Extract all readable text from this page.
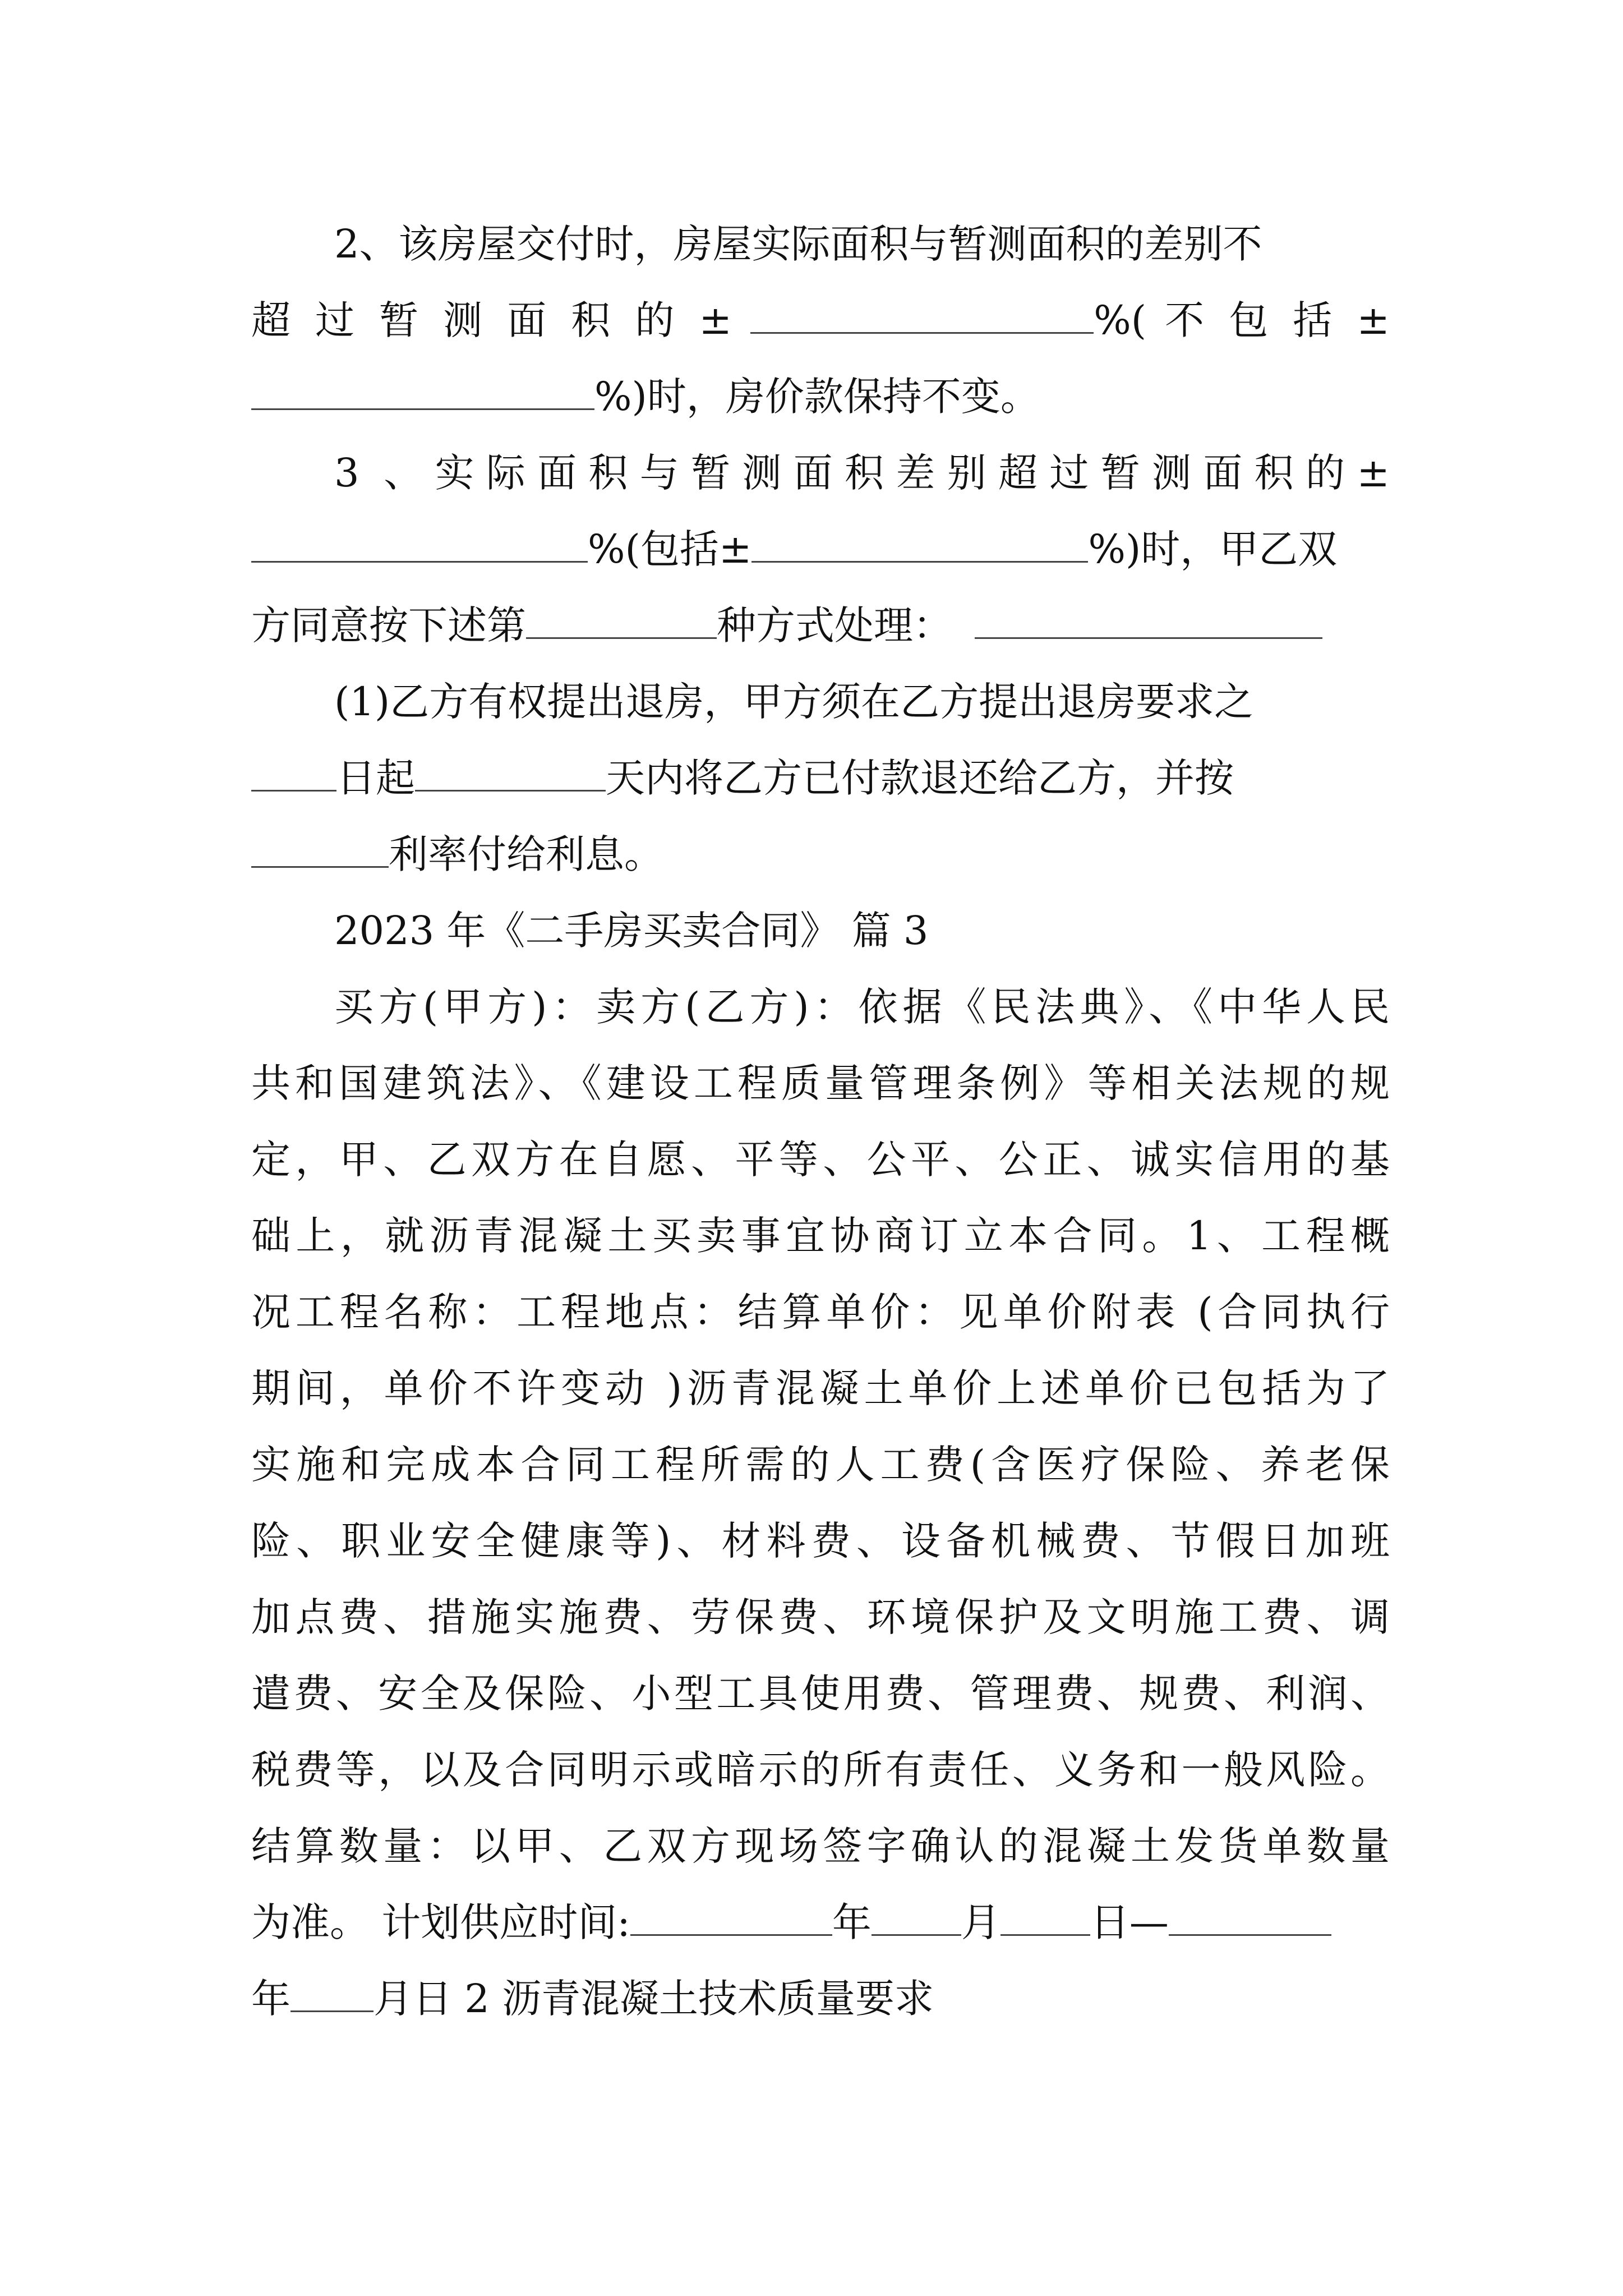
2、该房屋交付时，房屋实际面积与暂测面积的差别不
超 过 暂 测 面 积 的 ±	%( 不 包 括 ±
%)时，房价款保持不变。
3 、实际面积与暂测面积差别超过暂测面积的±
%(包括±	%)时，甲乙双
方同意按下述第	种方式处理：
(1)乙方有权提出退房，甲方须在乙方提出退房要求之
日起	天内将乙方已付款退还给乙方，并按
利率付给利息。
2023 年《二手房买卖合同》 篇 3
买方(甲方)：卖方(乙方)：依据《民法典》、《中华人民
共和国建筑法》、《建设工程质量管理条例》等相关法规的规
定，甲、乙双方在自愿、平等、公平、公正、诚实信用的基
础上，就沥青混凝土买卖事宜协商订立本合同。1、工程概
况工程名称：工程地点：结算单价：见单价附表 (合同执行
期间，单价不许变动 )沥青混凝土单价上述单价已包括为了
实施和完成本合同工程所需的人工费(含医疗保险、养老保
险、职业安全健康等)、材料费、设备机械费、节假日加班
加点费、措施实施费、劳保费、环境保护及文明施工费、调
遣费、安全及保险、小型工具使用费、管理费、规费、利润、
税费等，以及合同明示或暗示的所有责任、义务和一般风险。
结算数量：以甲、乙双方现场签字确认的混凝土发货单数量
为准。 计划供应时间:	年 月 日—
年 月日 2 沥青混凝土技术质量要求
